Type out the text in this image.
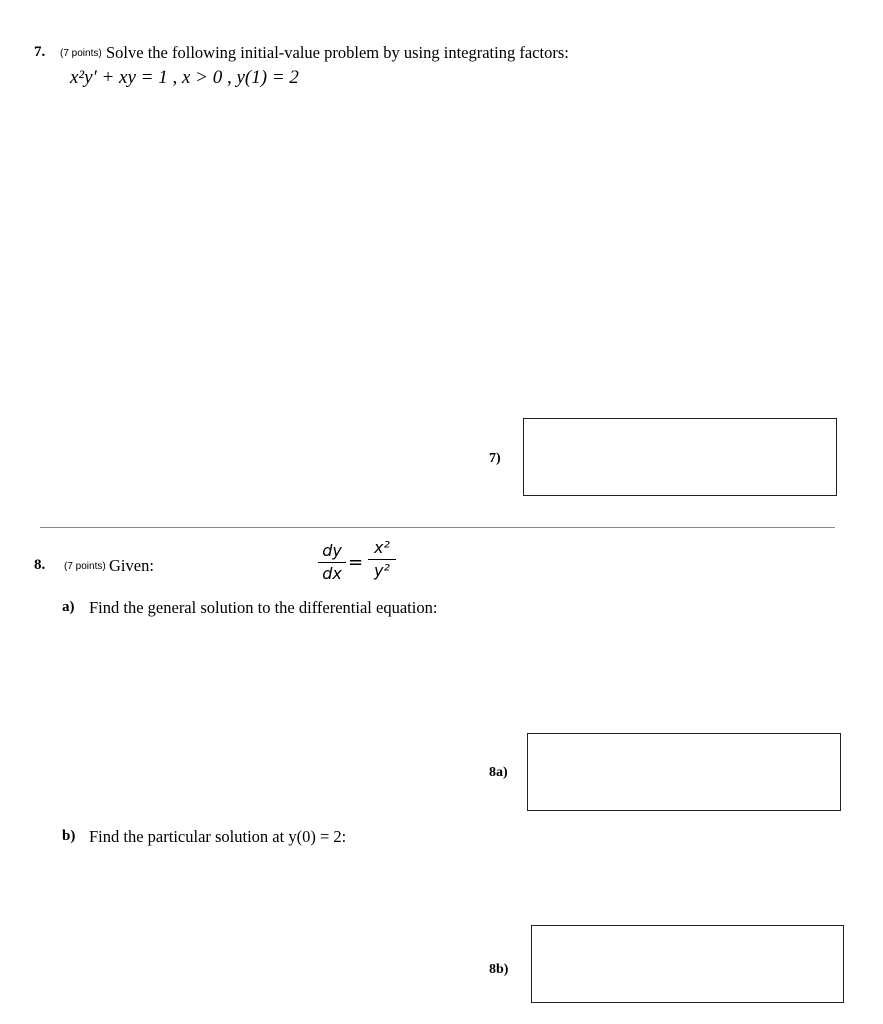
7. (7 points) Solve the following initial-value problem by using integrating factors:
x²y′ + xy = 1 , x > 0 , y(1) = 2
7)
8. (7 points) Given:
dy
dx
=
x²
y²
a) Find the general solution to the differential equation:
8a)
b) Find the particular solution at y(0) = 2:
8b)
